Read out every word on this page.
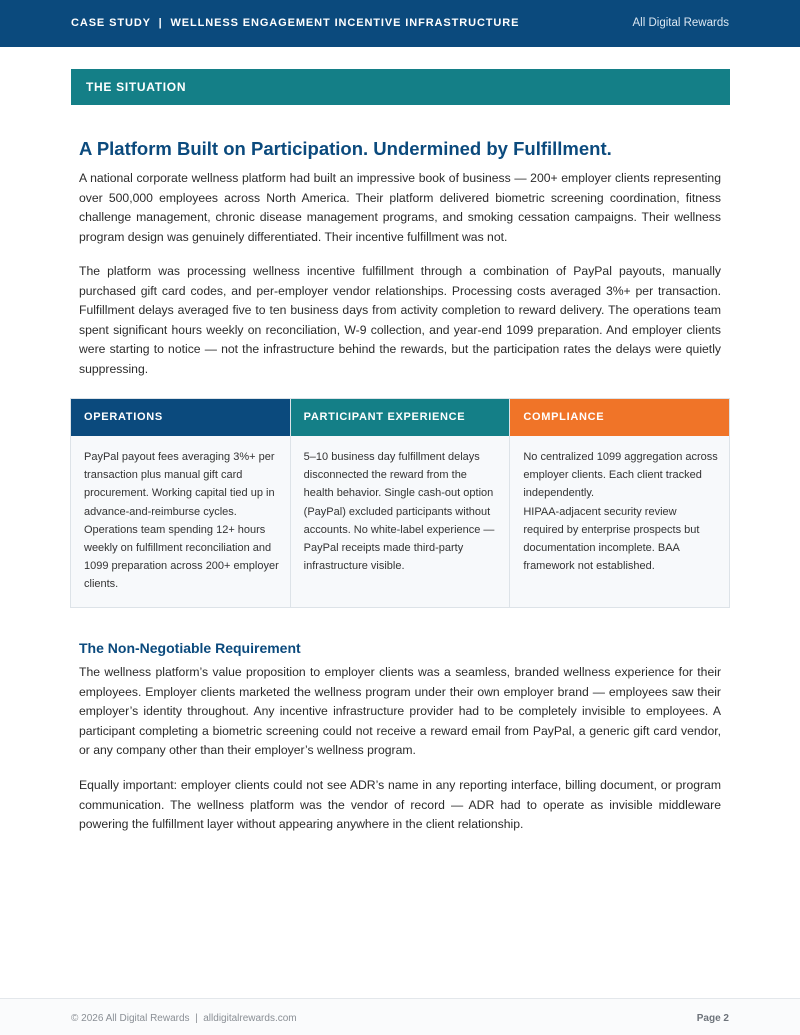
CASE STUDY  |  WELLNESS ENGAGEMENT INCENTIVE INFRASTRUCTURE	All Digital Rewards
THE SITUATION
A Platform Built on Participation. Undermined by Fulfillment.

A national corporate wellness platform had built an impressive book of business — 200+ employer clients representing over 500,000 employees across North America. Their platform delivered biometric screening coordination, fitness challenge management, chronic disease management programs, and smoking cessation campaigns. Their wellness program design was genuinely differentiated. Their incentive fulfillment was not.

The platform was processing wellness incentive fulfillment through a combination of PayPal payouts, manually purchased gift card codes, and per-employer vendor relationships. Processing costs averaged 3%+ per transaction. Fulfillment delays averaged five to ten business days from activity completion to reward delivery. The operations team spent significant hours weekly on reconciliation, W-9 collection, and year-end 1099 preparation. And employer clients were starting to notice — not the infrastructure behind the rewards, but the participation rates the delays were quietly suppressing.

OPERATIONS
PayPal payout fees averaging 3%+ per transaction plus manual gift card procurement. Working capital tied up in advance-and-reimburse cycles. Operations team spending 12+ hours weekly on fulfillment reconciliation and 1099 preparation across 200+ employer clients.
PARTICIPANT EXPERIENCE
5–10 business day fulfillment delays disconnected the reward from the health behavior. Single cash-out option (PayPal) excluded participants without accounts. No white-label experience — PayPal receipts made third-party infrastructure visible.
COMPLIANCE
No centralized 1099 aggregation across employer clients. Each client tracked independently.
HIPAA-adjacent security review required by enterprise prospects but documentation incomplete. BAA framework not established.
The Non-Negotiable Requirement

The wellness platform’s value proposition to employer clients was a seamless, branded wellness experience for their employees. Employer clients marketed the wellness program under their own employer brand — employees saw their employer’s identity throughout. Any incentive infrastructure provider had to be completely invisible to employees. A participant completing a biometric screening could not receive a reward email from PayPal, a generic gift card vendor, or any company other than their employer’s wellness program.

Equally important: employer clients could not see ADR’s name in any reporting interface, billing document, or program communication. The wellness platform was the vendor of record — ADR had to operate as invisible middleware powering the fulfillment layer without appearing anywhere in the client relationship.

© 2026 All Digital Rewards  |  alldigitalrewards.com	Page 2
